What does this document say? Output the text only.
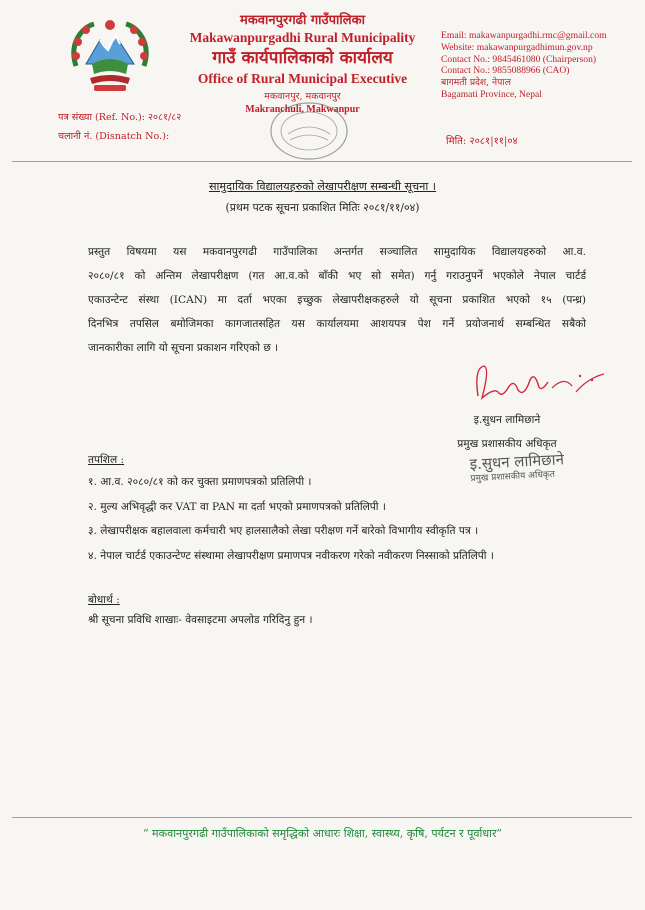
मकवानपुरगढी गाउँपालिका
Makawanpurgadhi Rural Municipality
गाउँ कार्यपालिकाको कार्यालय
Office of Rural Municipal Executive
मकवानपुर, मकवानपुर
Makranchuli, Makwanpur
Email: makawanpurgadhi.rmc@gmail.com
Website: makawanpurgadhimun.gov.np
Contact No.: 9845461080 (Chairperson)
Contact No.: 9855088966 (CAO)
बागमती प्रदेश, नेपाल
Bagamati Province, Nepal
पत्र संख्या (Ref. No.): २०८१/८२
चलानी नं. (Disnatch No.):	मिति: २०८१|११|०४
सामुदायिक विद्यालयहरुको लेखापरीक्षण सम्बन्धी सूचना ।
(प्रथम पटक सूचना प्रकाशित मितिः २०८१/११/०४)

प्रस्तुत विषयमा यस मकवानपुरगढी गाउँपालिका अन्तर्गत सञ्चालित सामुदायिक विद्यालयहरुको आ.व.

२०८०/८१ को अन्तिम लेखापरीक्षण (गत आ.व.को बाँकी भए सो समेत) गर्नु गराउनुपर्ने भएकोले नेपाल चार्टर्ड

एकाउन्टेन्ट संस्था (ICAN) मा दर्ता भएका इच्छुक लेखापरीक्षकहरुले यो सूचना प्रकाशित भएको १५ (पन्ध्र)

दिनभित्र तपसिल बमोजिमका कागजातसहित यस कार्यालयमा आशयपत्र पेश गर्ने प्रयोजनार्थ सम्बन्धित सबैको

जानकारीका लागि यो सूचना प्रकाशन गरिएको छ ।

इ.सुधन लामिछाने
प्रमुख प्रशासकीय अधिकृत
इ.सुधन लामिछाने
प्रमुख प्रशासकीय अधिकृत
तपशिल :
१. आ.व. २०८०/८१ को कर चुक्ता प्रमाणपत्रको प्रतिलिपी ।
२. मुल्य अभिवृद्धी कर VAT वा PAN मा दर्ता भएको प्रमाणपत्रको प्रतिलिपी ।
३. लेखापरीक्षक बहालवाला कर्मचारी भए हालसालैको लेखा परीक्षण गर्ने बारेको विभागीय स्वीकृति पत्र ।
४. नेपाल चार्टर्ड एकाउन्टेण्ट संस्थामा लेखापरीक्षण प्रमाणपत्र नवीकरण गरेको नवीकरण निस्साको प्रतिलिपी ।
बोधार्थ :
श्री सूचना प्रविधि शाखाः- वेवसाइटमा अपलोड गरिदिनु हुन ।
“ मकवानपुरगढी गाउँपालिकाको समृद्धिको आधारः शिक्षा, स्वास्थ्य, कृषि, पर्यटन र पूर्वाधार”
